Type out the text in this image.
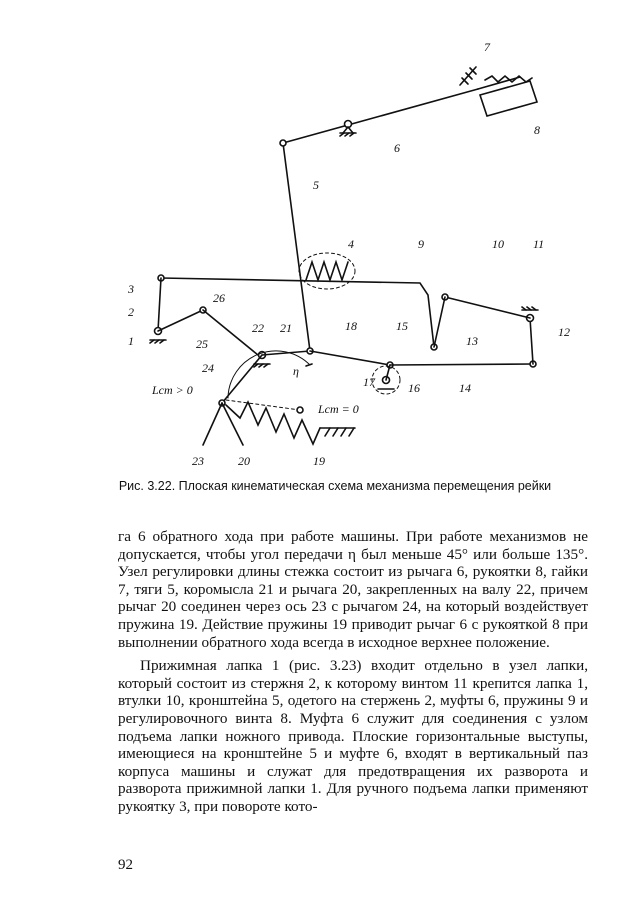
7
8
6
5
4	9	10 11
3
2
1
26
25
22 21	18	15
13
12
24	η
17	16	14
Lст > 0
Lст = 0
23	20	19
Рис. 3.22. Плоская кинематическая схема механизма перемещения рейки

га 6 обратного хода при работе машины. При работе механизмов не допускается, чтобы угол передачи η был меньше 45° или больше 135°. Узел регулировки длины стежка состоит из рычага 6, рукоятки 8, гайки 7, тяги 5, коромысла 21 и рычага 20, закрепленных на валу 22, причем рычаг 20 соединен через ось 23 с рычагом 24, на который воздействует пружина 19. Действие пружины 19 приводит рычаг 6 с рукояткой 8 при выполнении обратного хода всегда в исходное верхнее положение.

Прижимная лапка 1 (рис. 3.23) входит отдельно в узел лапки, который состоит из стержня 2, к которому винтом 11 крепится лапка 1, втулки 10, кронштейна 5, одетого на стержень 2, муфты 6, пружины 9 и регулировочного винта 8. Муфта 6 служит для соединения с узлом подъема лапки ножного привода. Плоские горизонтальные выступы, имеющиеся на кронштейне 5 и муфте 6, входят в вертикальный паз корпуса машины и служат для предотвращения их разворота и разворота прижимной лапки 1. Для ручного подъема лапки применяют рукоятку 3, при повороте кото-

92
